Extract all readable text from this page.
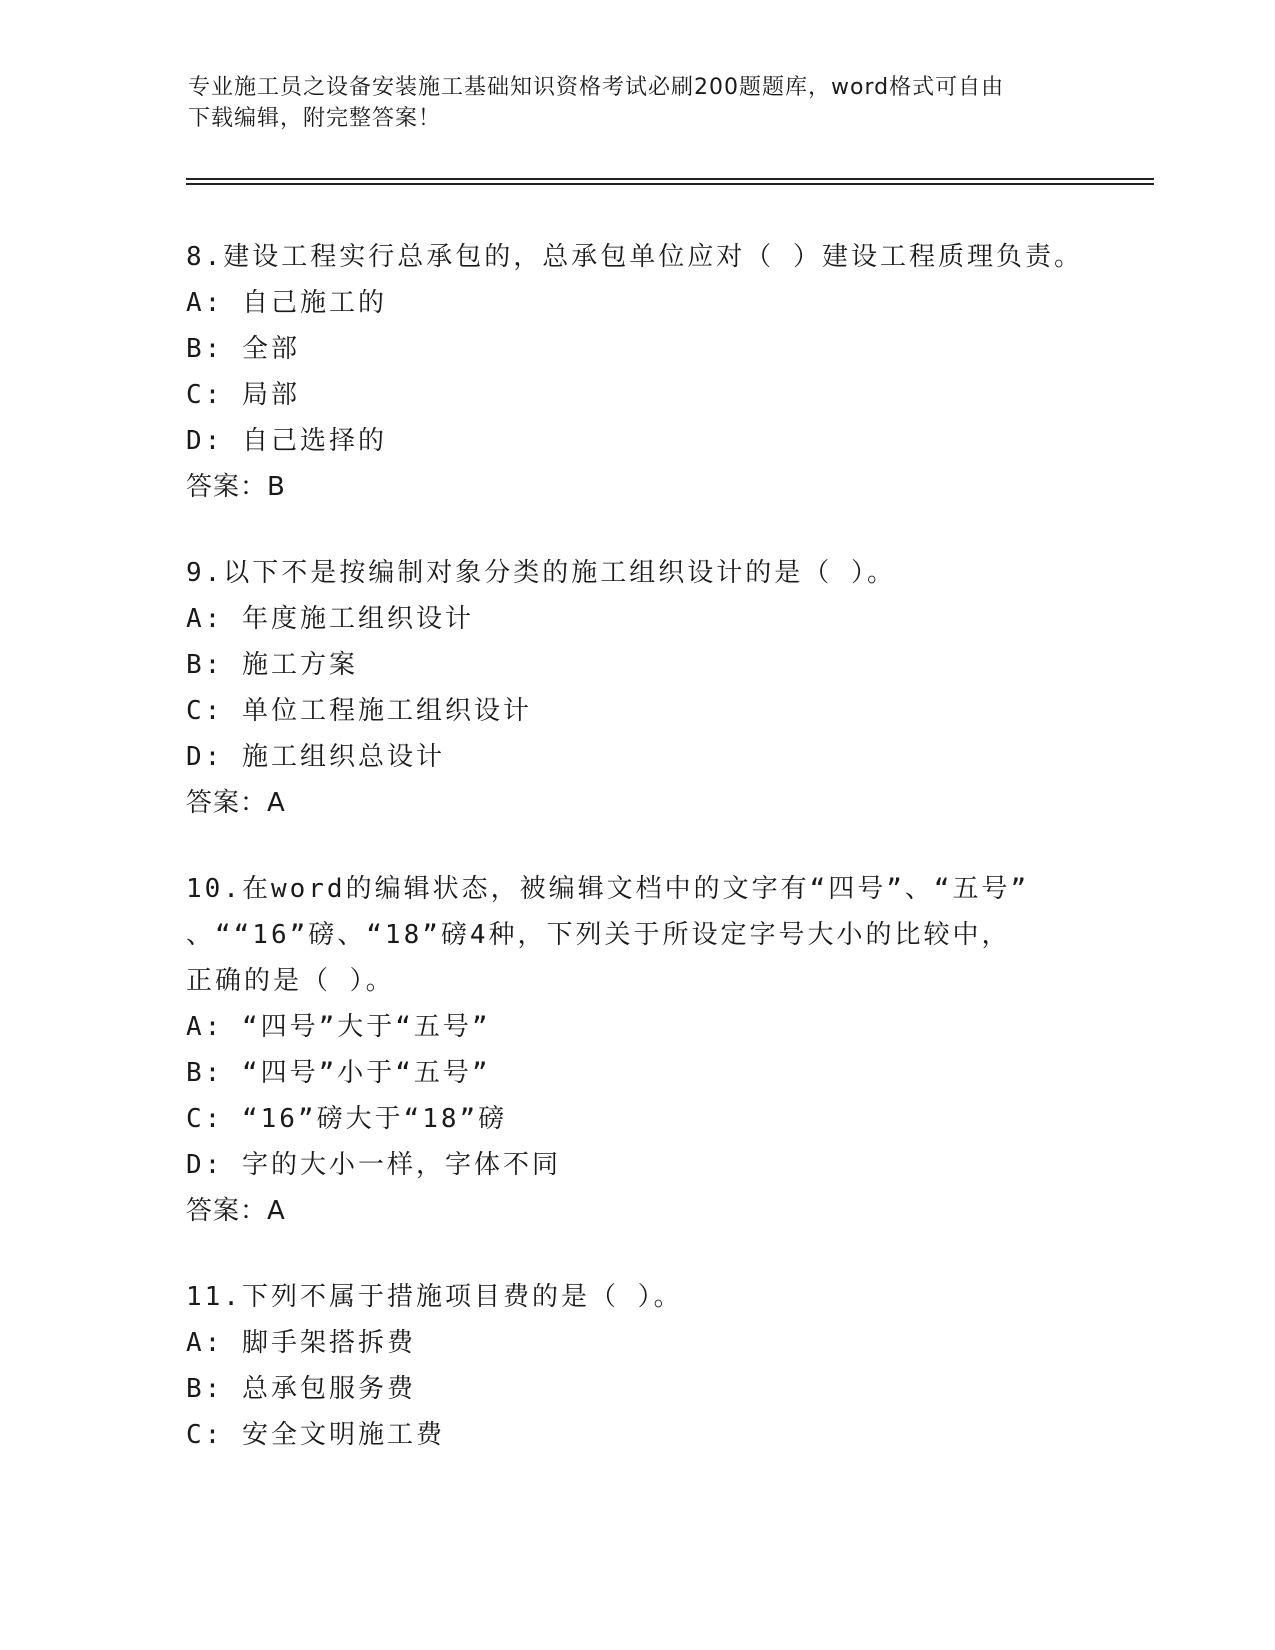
专业施工员之设备安装施工基础知识资格考试必刷200题题库，word格式可自由
下载编辑，附完整答案！
8.建设工程实行总承包的，总承包单位应对（ ）建设工程质理负责。
A: 自己施工的
B: 全部
C: 局部
D: 自己选择的
答案：B
9.以下不是按编制对象分类的施工组织设计的是（ ）。
A: 年度施工组织设计
B: 施工方案
C: 单位工程施工组织设计
D: 施工组织总设计
答案：A
10.在word的编辑状态，被编辑文档中的文字有“四号”、“五号”
、““16”磅、“18”磅4种，下列关于所设定字号大小的比较中，
正确的是（ ）。
A: “四号”大于“五号”
B: “四号”小于“五号”
C: “16”磅大于“18”磅
D: 字的大小一样，字体不同
答案：A
11.下列不属于措施项目费的是（ ）。
A: 脚手架搭拆费
B: 总承包服务费
C: 安全文明施工费
